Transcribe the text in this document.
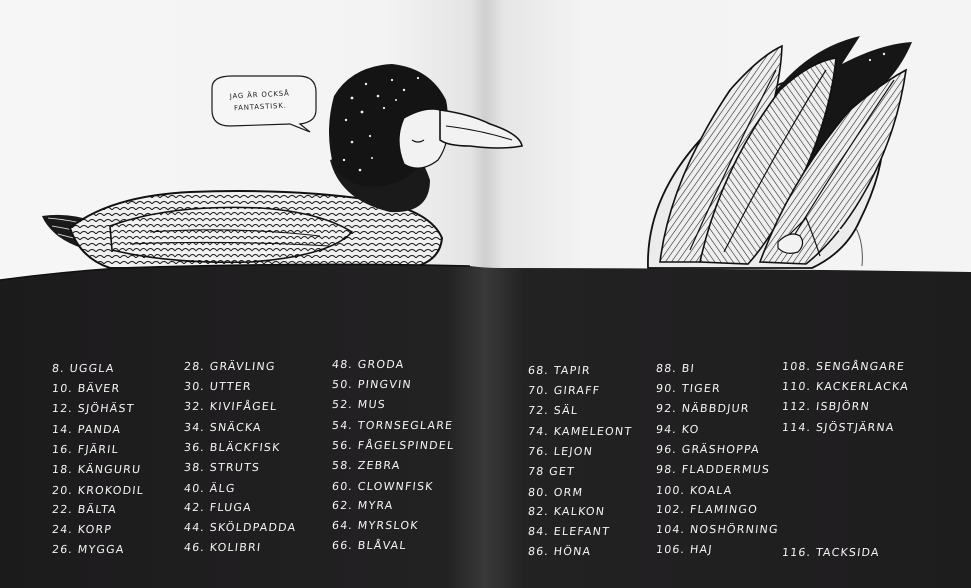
JAG ÄR OCKSÅ FANTASTISK.
8. UGGLA
10. BÄVER
12. SJÖHÄST
14. PANDA
16. FJÄRIL
18. KÄNGURU
20. KROKODIL
22. BÄLTA
24. KORP
26. MYGGA
28. GRÄVLING
30. UTTER
32. KIVIFÅGEL
34. SNÄCKA
36. BLÄCKFISK
38. STRUTS
40. ÄLG
42. FLUGA
44. SKÖLDPADDA
46. KOLIBRI
48. GRODA
50. PINGVIN
52. MUS
54. TORNSEGLARE
56. FÅGELSPINDEL
58. ZEBRA
60. CLOWNFISK
62. MYRA
64. MYRSLOK
66. BLÅVAL
68. TAPIR
70. GIRAFF
72. SÄL
74. KAMELEONT
76. LEJON
78 GET
80. ORM
82. KALKON
84. ELEFANT
86. HÖNA
88. BI
90. TIGER
92. NÄBBDJUR
94. KO
96. GRÄSHOPPA
98. FLADDERMUS
100. KOALA
102. FLAMINGO
104. NOSHÖRNING
106. HAJ
108. SENGÅNGARE
110. KACKERLACKA
112. ISBJÖRN
114. SJÖSTJÄRNA
116. TACKSIDA
